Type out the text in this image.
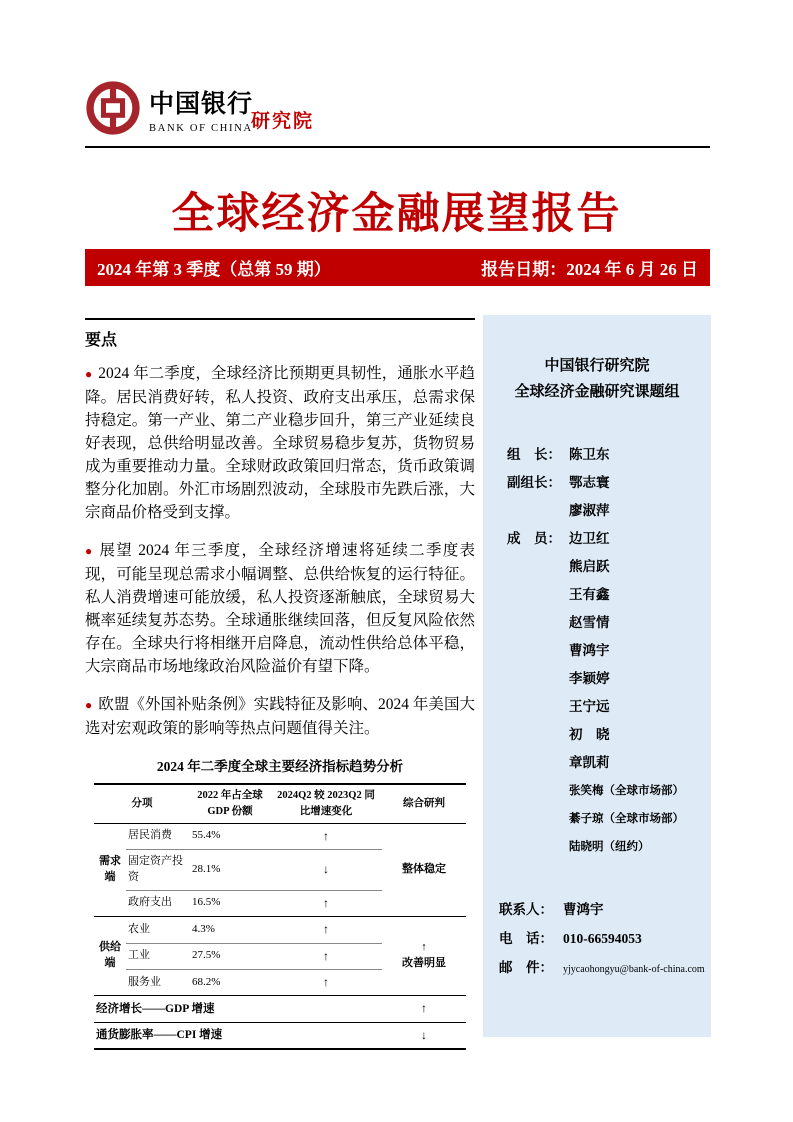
中国银行
BANK OF CHINA
研究院
全球经济金融展望报告
2024 年第 3 季度（总第 59 期）	报告日期：2024 年 6 月 26 日
要点
● 2024 年二季度，全球经济比预期更具韧性，通胀水平趋降。居民消费好转，私人投资、政府支出承压，总需求保持稳定。第一产业、第二产业稳步回升，第三产业延续良好表现，总供给明显改善。全球贸易稳步复苏，货物贸易成为重要推动力量。全球财政政策回归常态，货币政策调整分化加剧。外汇市场剧烈波动，全球股市先跌后涨，大宗商品价格受到支撑。
● 展望 2024 年三季度，全球经济增速将延续二季度表现，可能呈现总需求小幅调整、总供给恢复的运行特征。私人消费增速可能放缓，私人投资逐渐触底，全球贸易大概率延续复苏态势。全球通胀继续回落，但反复风险依然存在。全球央行将相继开启降息，流动性供给总体平稳，大宗商品市场地缘政治风险溢价有望下降。
● 欧盟《外国补贴条例》实践特征及影响、2024 年美国大选对宏观政策的影响等热点问题值得关注。
2024 年二季度全球主要经济指标趋势分析
分项		2022 年占全球 GDP 份额	2024Q2 较 2023Q2 同比增速变化	综合研判
需求端	居民消费	55.4%	↑	整体稳定
	固定资产投资	28.1%	↓	
	政府支出	16.5%	↑	
供给端	农业	4.3%	↑	↑
改善明显

	工业	27.5%	↑	
	服务业	68.2%	↑	
经济增长——GDP 增速				↑
通货膨胀率——CPI 增速				↓
中国银行研究院
全球经济金融研究课题组
组　长： 陈卫东
副组长： 鄂志寰
廖淑萍
成　员： 边卫红
熊启跃
王有鑫
赵雪情
曹鸿宇
李颖婷
王宁远
初　晓
章凯莉
张笑梅（全球市场部）
綦子琼（全球市场部）
陆晓明（纽约）
联系人： 曹鸿宇
电　话： 010-66594053
邮　件： yjycaohongyu@bank-of-china.com
